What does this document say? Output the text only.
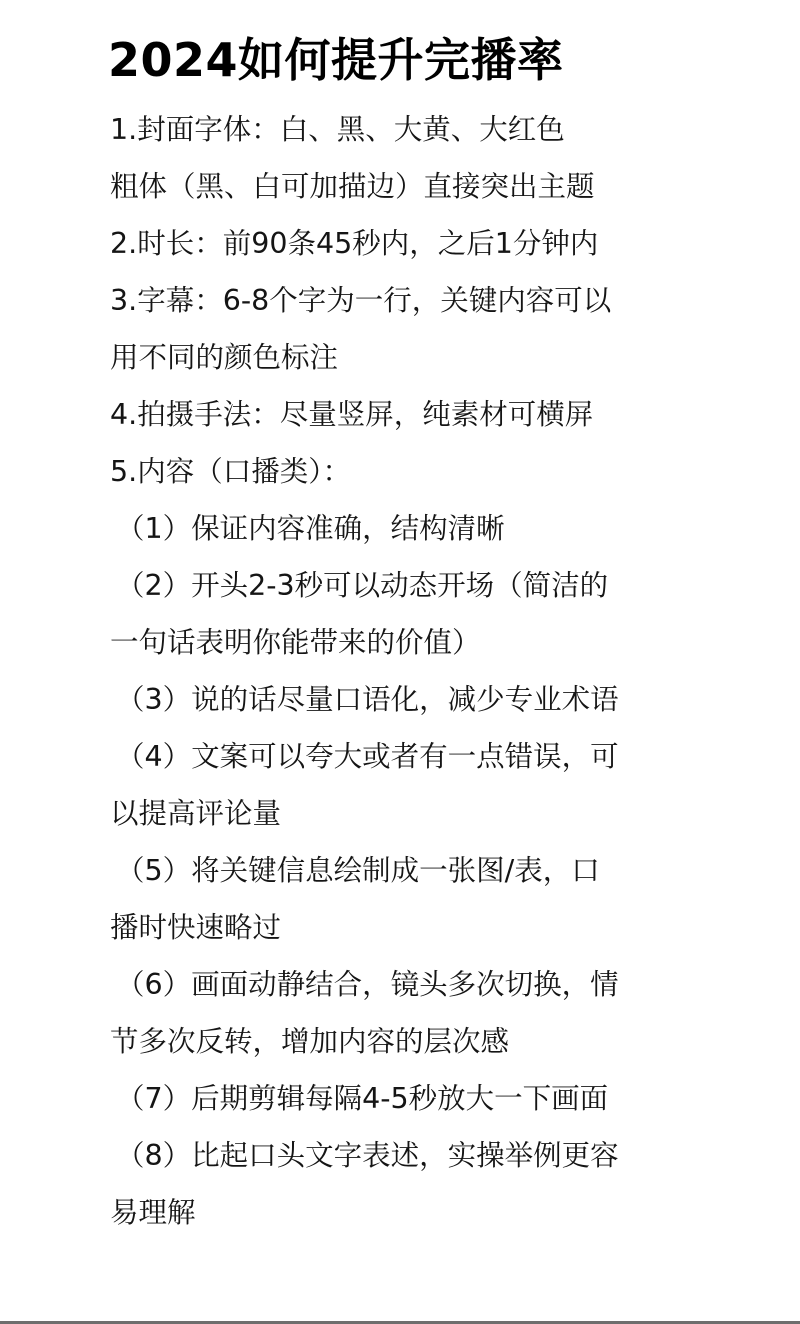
2024如何提升完播率
1.封面字体：白、黑、大黄、大红色
粗体（黑、白可加描边）直接突出主题
2.时长：前90条45秒内，之后1分钟内
3.字幕：6-8个字为一行，关键内容可以
用不同的颜色标注
4.拍摄手法：尽量竖屏，纯素材可横屏
5.内容（口播类）：
（1）保证内容准确，结构清晰
（2）开头2-3秒可以动态开场（简洁的
一句话表明你能带来的价值）
（3）说的话尽量口语化，减少专业术语
（4）文案可以夸大或者有一点错误，可
以提高评论量
（5）将关键信息绘制成一张图/表，口
播时快速略过
（6）画面动静结合，镜头多次切换，情
节多次反转，增加内容的层次感
（7）后期剪辑每隔4-5秒放大一下画面
（8）比起口头文字表述，实操举例更容
易理解
